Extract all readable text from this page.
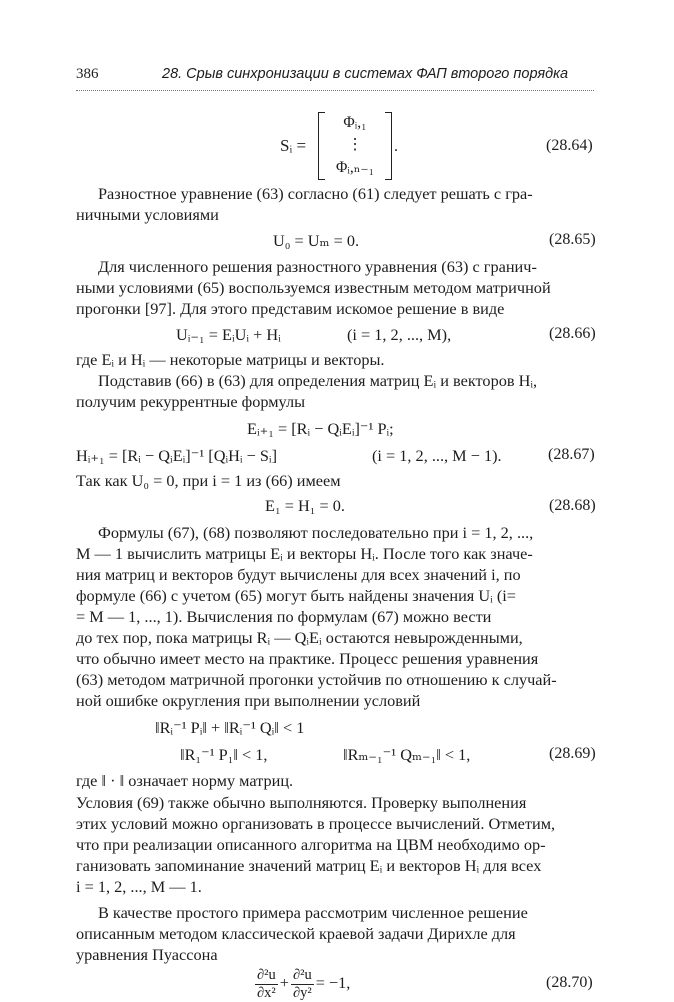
386	28. Срыв синхронизации в системах ФАП второго порядка
Sᵢ =
Φᵢ,₁
⋮
Φᵢ,ₙ₋₁
.	(28.64)
Разностное уравнение (63) согласно (61) следует решать с гра-
ничными условиями
U₀ = Uₘ = 0.	(28.65)
Для численного решения разностного уравнения (63) с гранич-
ными условиями (65) воспользуемся известным методом матричной
прогонки [97]. Для этого представим искомое решение в виде
Uᵢ₋₁ = EᵢUᵢ + Hᵢ	(i = 1, 2, ..., M),	(28.66)
где Eᵢ и Hᵢ — некоторые матрицы и векторы.
Подставив (66) в (63) для определения матриц Eᵢ и векторов Hᵢ,
получим рекуррентные формулы
Eᵢ₊₁ = [Rᵢ − QᵢEᵢ]⁻¹ Pᵢ;
Hᵢ₊₁ = [Rᵢ − QᵢEᵢ]⁻¹ [QᵢHᵢ − Sᵢ]	(i = 1, 2, ..., M − 1).	(28.67)
Так как U₀ = 0, при i = 1 из (66) имеем
E₁ = H₁ = 0.	(28.68)
Формулы (67), (68) позволяют последовательно при i = 1, 2, ...,
M — 1 вычислить матрицы Eᵢ и векторы Hᵢ. После того как значе-
ния матриц и векторов будут вычислены для всех значений i, по
формуле (66) с учетом (65) могут быть найдены значения Uᵢ (i=
= M — 1, ..., 1). Вычисления по формулам (67) можно вести
до тех пор, пока матрицы Rᵢ — QᵢEᵢ остаются невырожденными,
что обычно имеет место на практике. Процесс решения уравнения
(63) методом матричной прогонки устойчив по отношению к случай-
ной ошибке округления при выполнении условий
‖Rᵢ⁻¹ Pᵢ‖ + ‖Rᵢ⁻¹ Qᵢ‖ < 1
‖R₁⁻¹ P₁‖ < 1,	‖Rₘ₋₁⁻¹ Qₘ₋₁‖ < 1,	(28.69)
где ‖ · ‖ означает норму матриц.
Условия (69) также обычно выполняются. Проверку выполнения
этих условий можно организовать в процессе вычислений. Отметим,
что при реализации описанного алгоритма на ЦВМ необходимо ор-
ганизовать запоминание значений матриц Eᵢ и векторов Hᵢ для всех
i = 1, 2, ..., M — 1.
В качестве простого примера рассмотрим численное решение
описанным методом классической краевой задачи Дирихле для
уравнения Пуассона
$\frac{\text{∂²u}}{\text{∂x²}} + \frac{\text{∂²u}}{\text{∂y²}} = -1$,	(28.70)
